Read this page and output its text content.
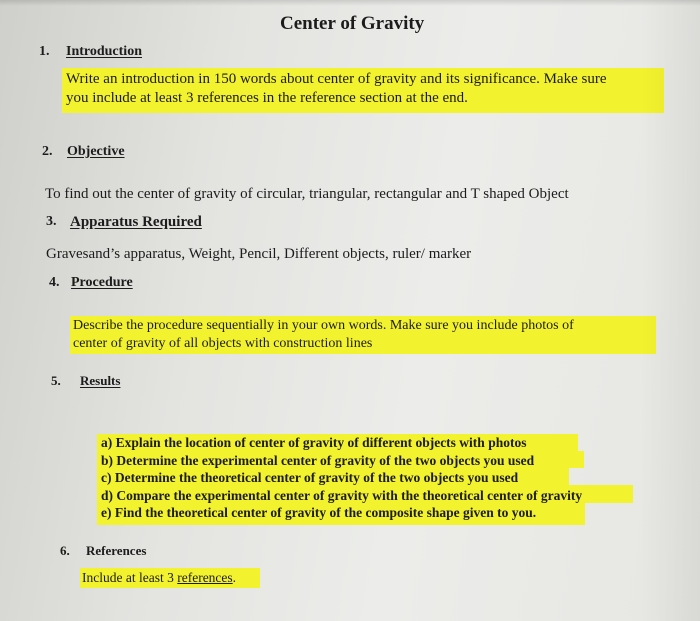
Center of Gravity
1. Introduction
Write an introduction in 150 words about center of gravity and its significance. Make sure
you include at least 3 references in the reference section at the end.
2. Objective
To find out the center of gravity of circular, triangular, rectangular and T shaped Object
3. Apparatus Required
Gravesand’s apparatus, Weight, Pencil, Different objects, ruler/ marker
4. Procedure
Describe the procedure sequentially in your own words. Make sure you include photos of
center of gravity of all objects with construction lines
5. Results
a) Explain the location of center of gravity of different objects with photos
b) Determine the experimental center of gravity of the two objects you used
c) Determine the theoretical center of gravity of the two objects you used
d) Compare the experimental center of gravity with the theoretical center of gravity
e) Find the theoretical center of gravity of the composite shape given to you.
6. References
Include at least 3 references.
